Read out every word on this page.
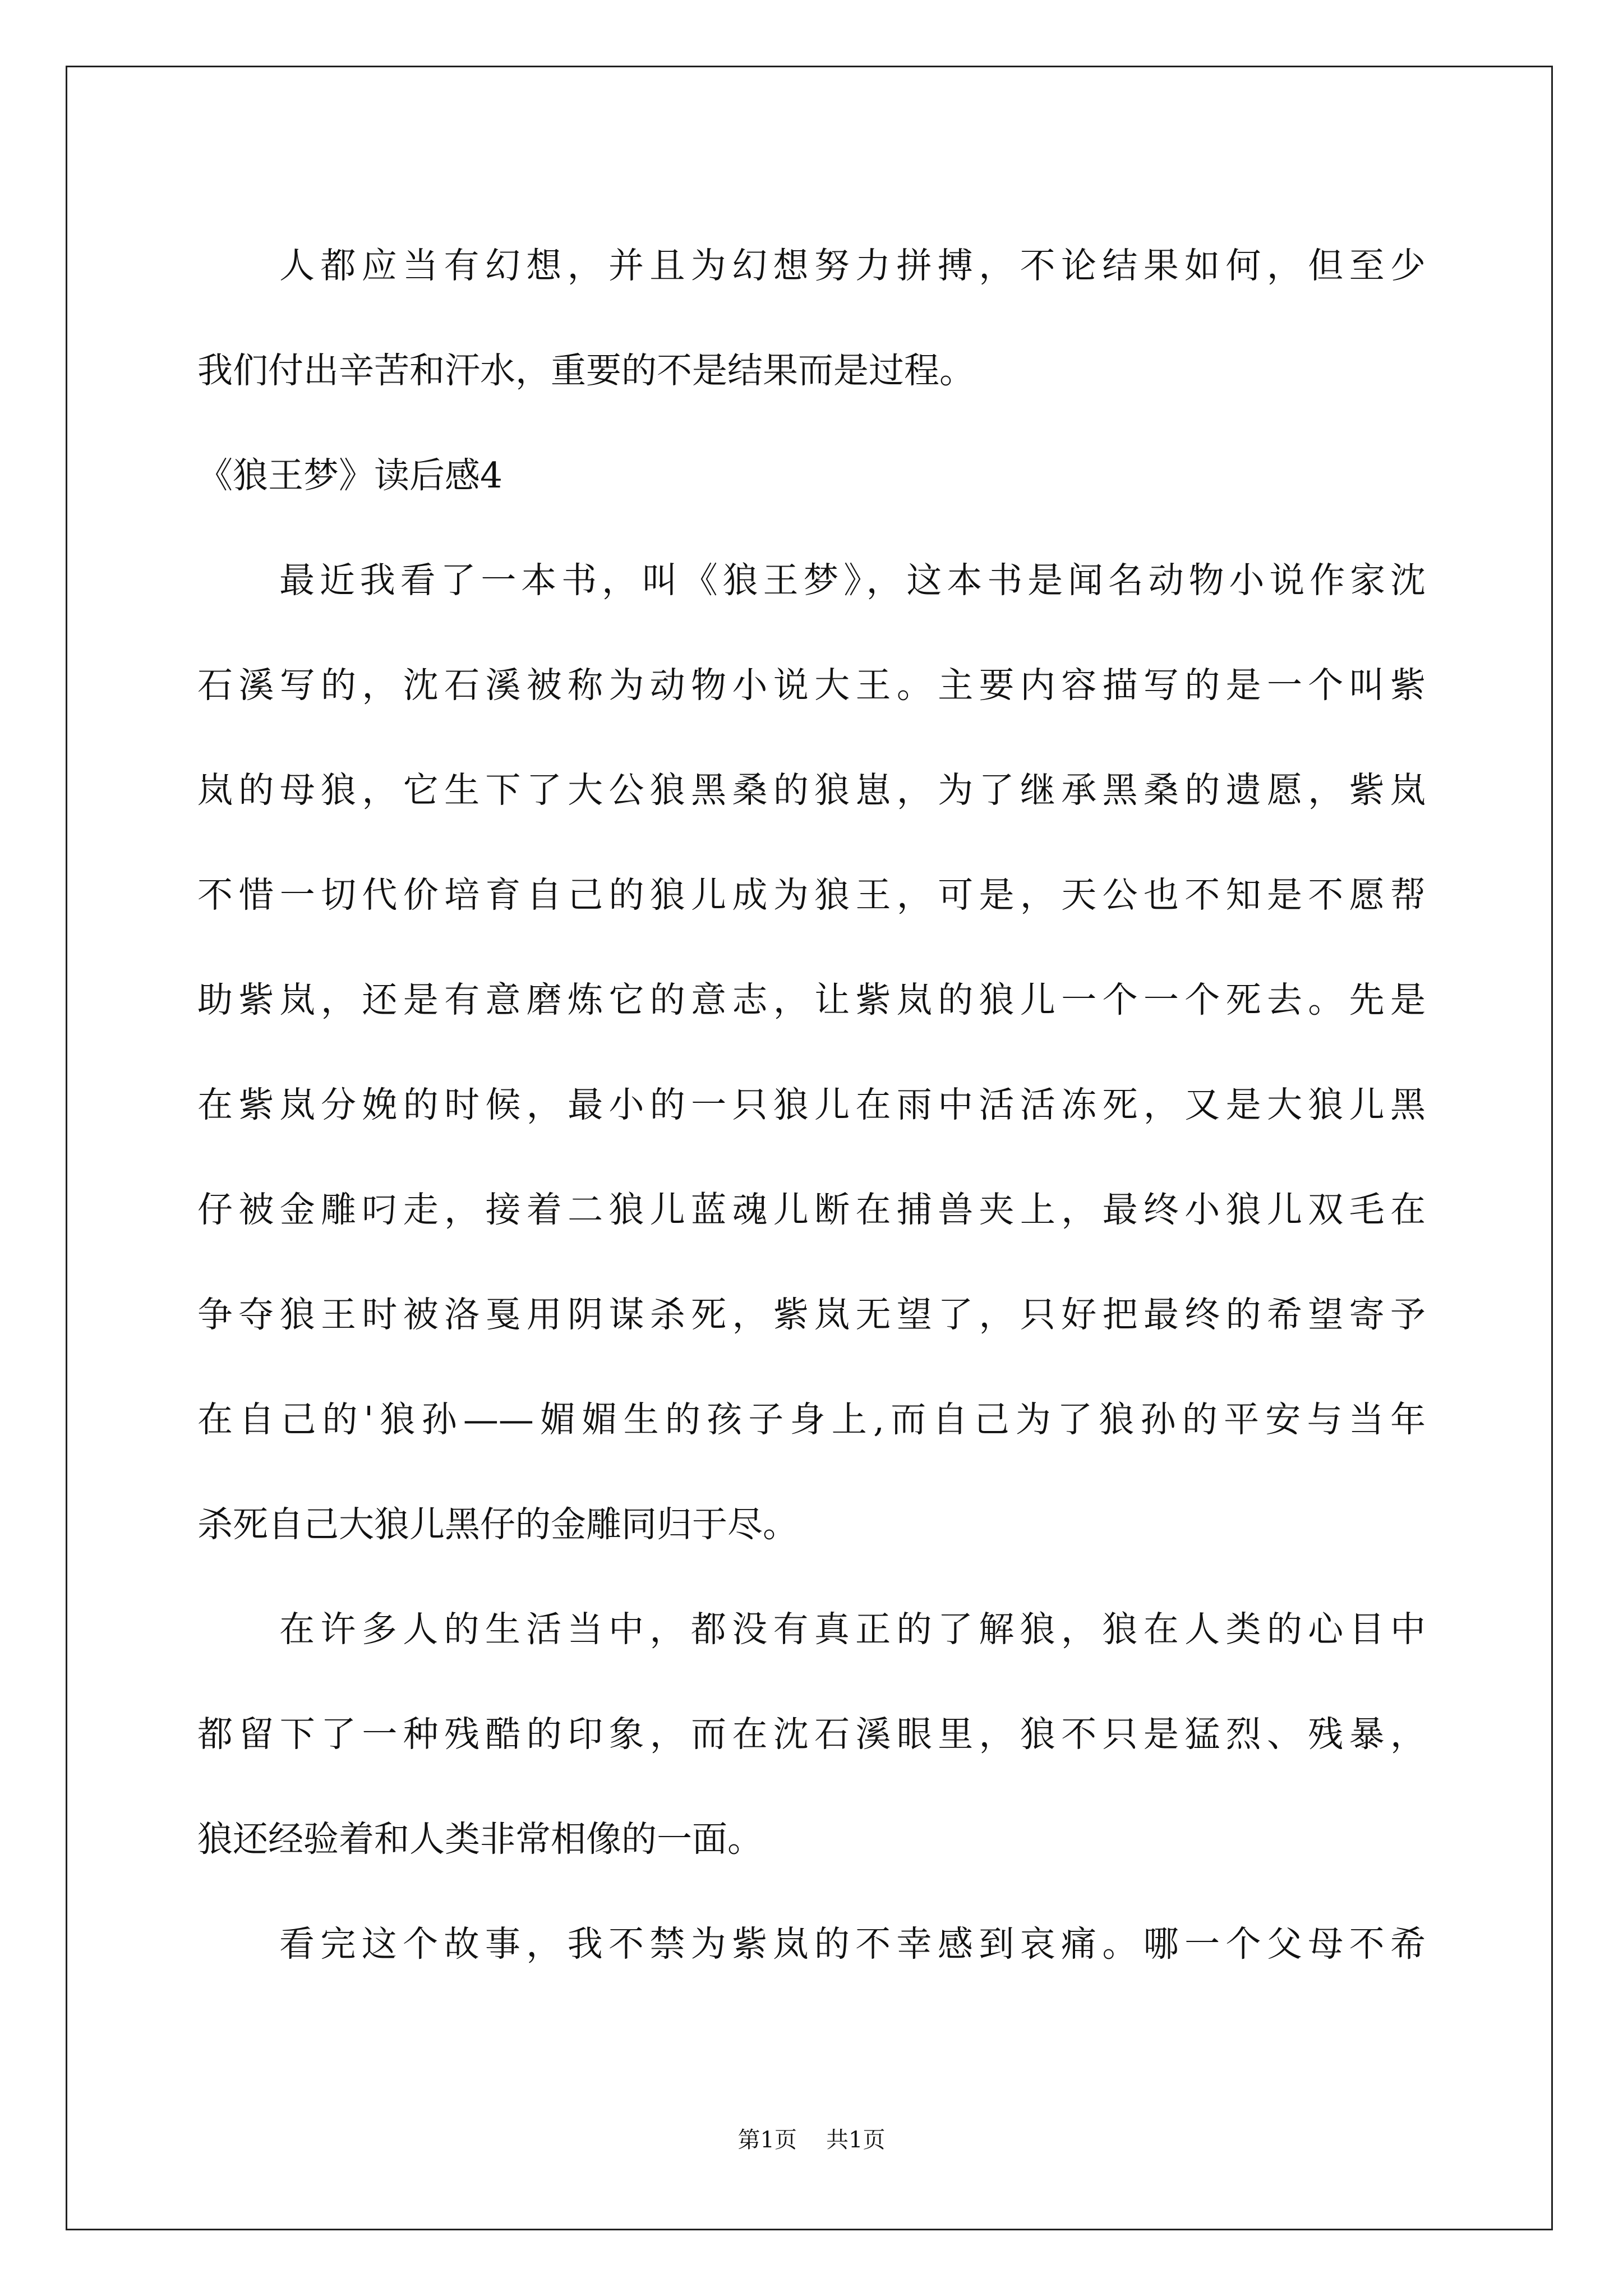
人都应当有幻想，并且为幻想努力拼搏，不论结果如何，但至少
我们付出辛苦和汗水，重要的不是结果而是过程。
《狼王梦》读后感4
最近我看了一本书，叫《狼王梦》，这本书是闻名动物小说作家沈
石溪写的，沈石溪被称为动物小说大王。主要内容描写的是一个叫紫
岚的母狼，它生下了大公狼黑桑的狼崽，为了继承黑桑的遗愿，紫岚
不惜一切代价培育自己的狼儿成为狼王，可是，天公也不知是不愿帮
助紫岚，还是有意磨炼它的意志，让紫岚的狼儿一个一个死去。先是
在紫岚分娩的时候，最小的一只狼儿在雨中活活冻死，又是大狼儿黑
仔被金雕叼走，接着二狼儿蓝魂儿断在捕兽夹上，最终小狼儿双毛在
争夺狼王时被洛戛用阴谋杀死，紫岚无望了，只好把最终的希望寄予
在自己的'狼孙——媚媚生的孩子身上,而自己为了狼孙的平安与当年
杀死自己大狼儿黑仔的金雕同归于尽。
在许多人的生活当中，都没有真正的了解狼，狼在人类的心目中
都留下了一种残酷的印象，而在沈石溪眼里，狼不只是猛烈、残暴，
狼还经验着和人类非常相像的一面。
看完这个故事，我不禁为紫岚的不幸感到哀痛。哪一个父母不希
第1页 共1页
